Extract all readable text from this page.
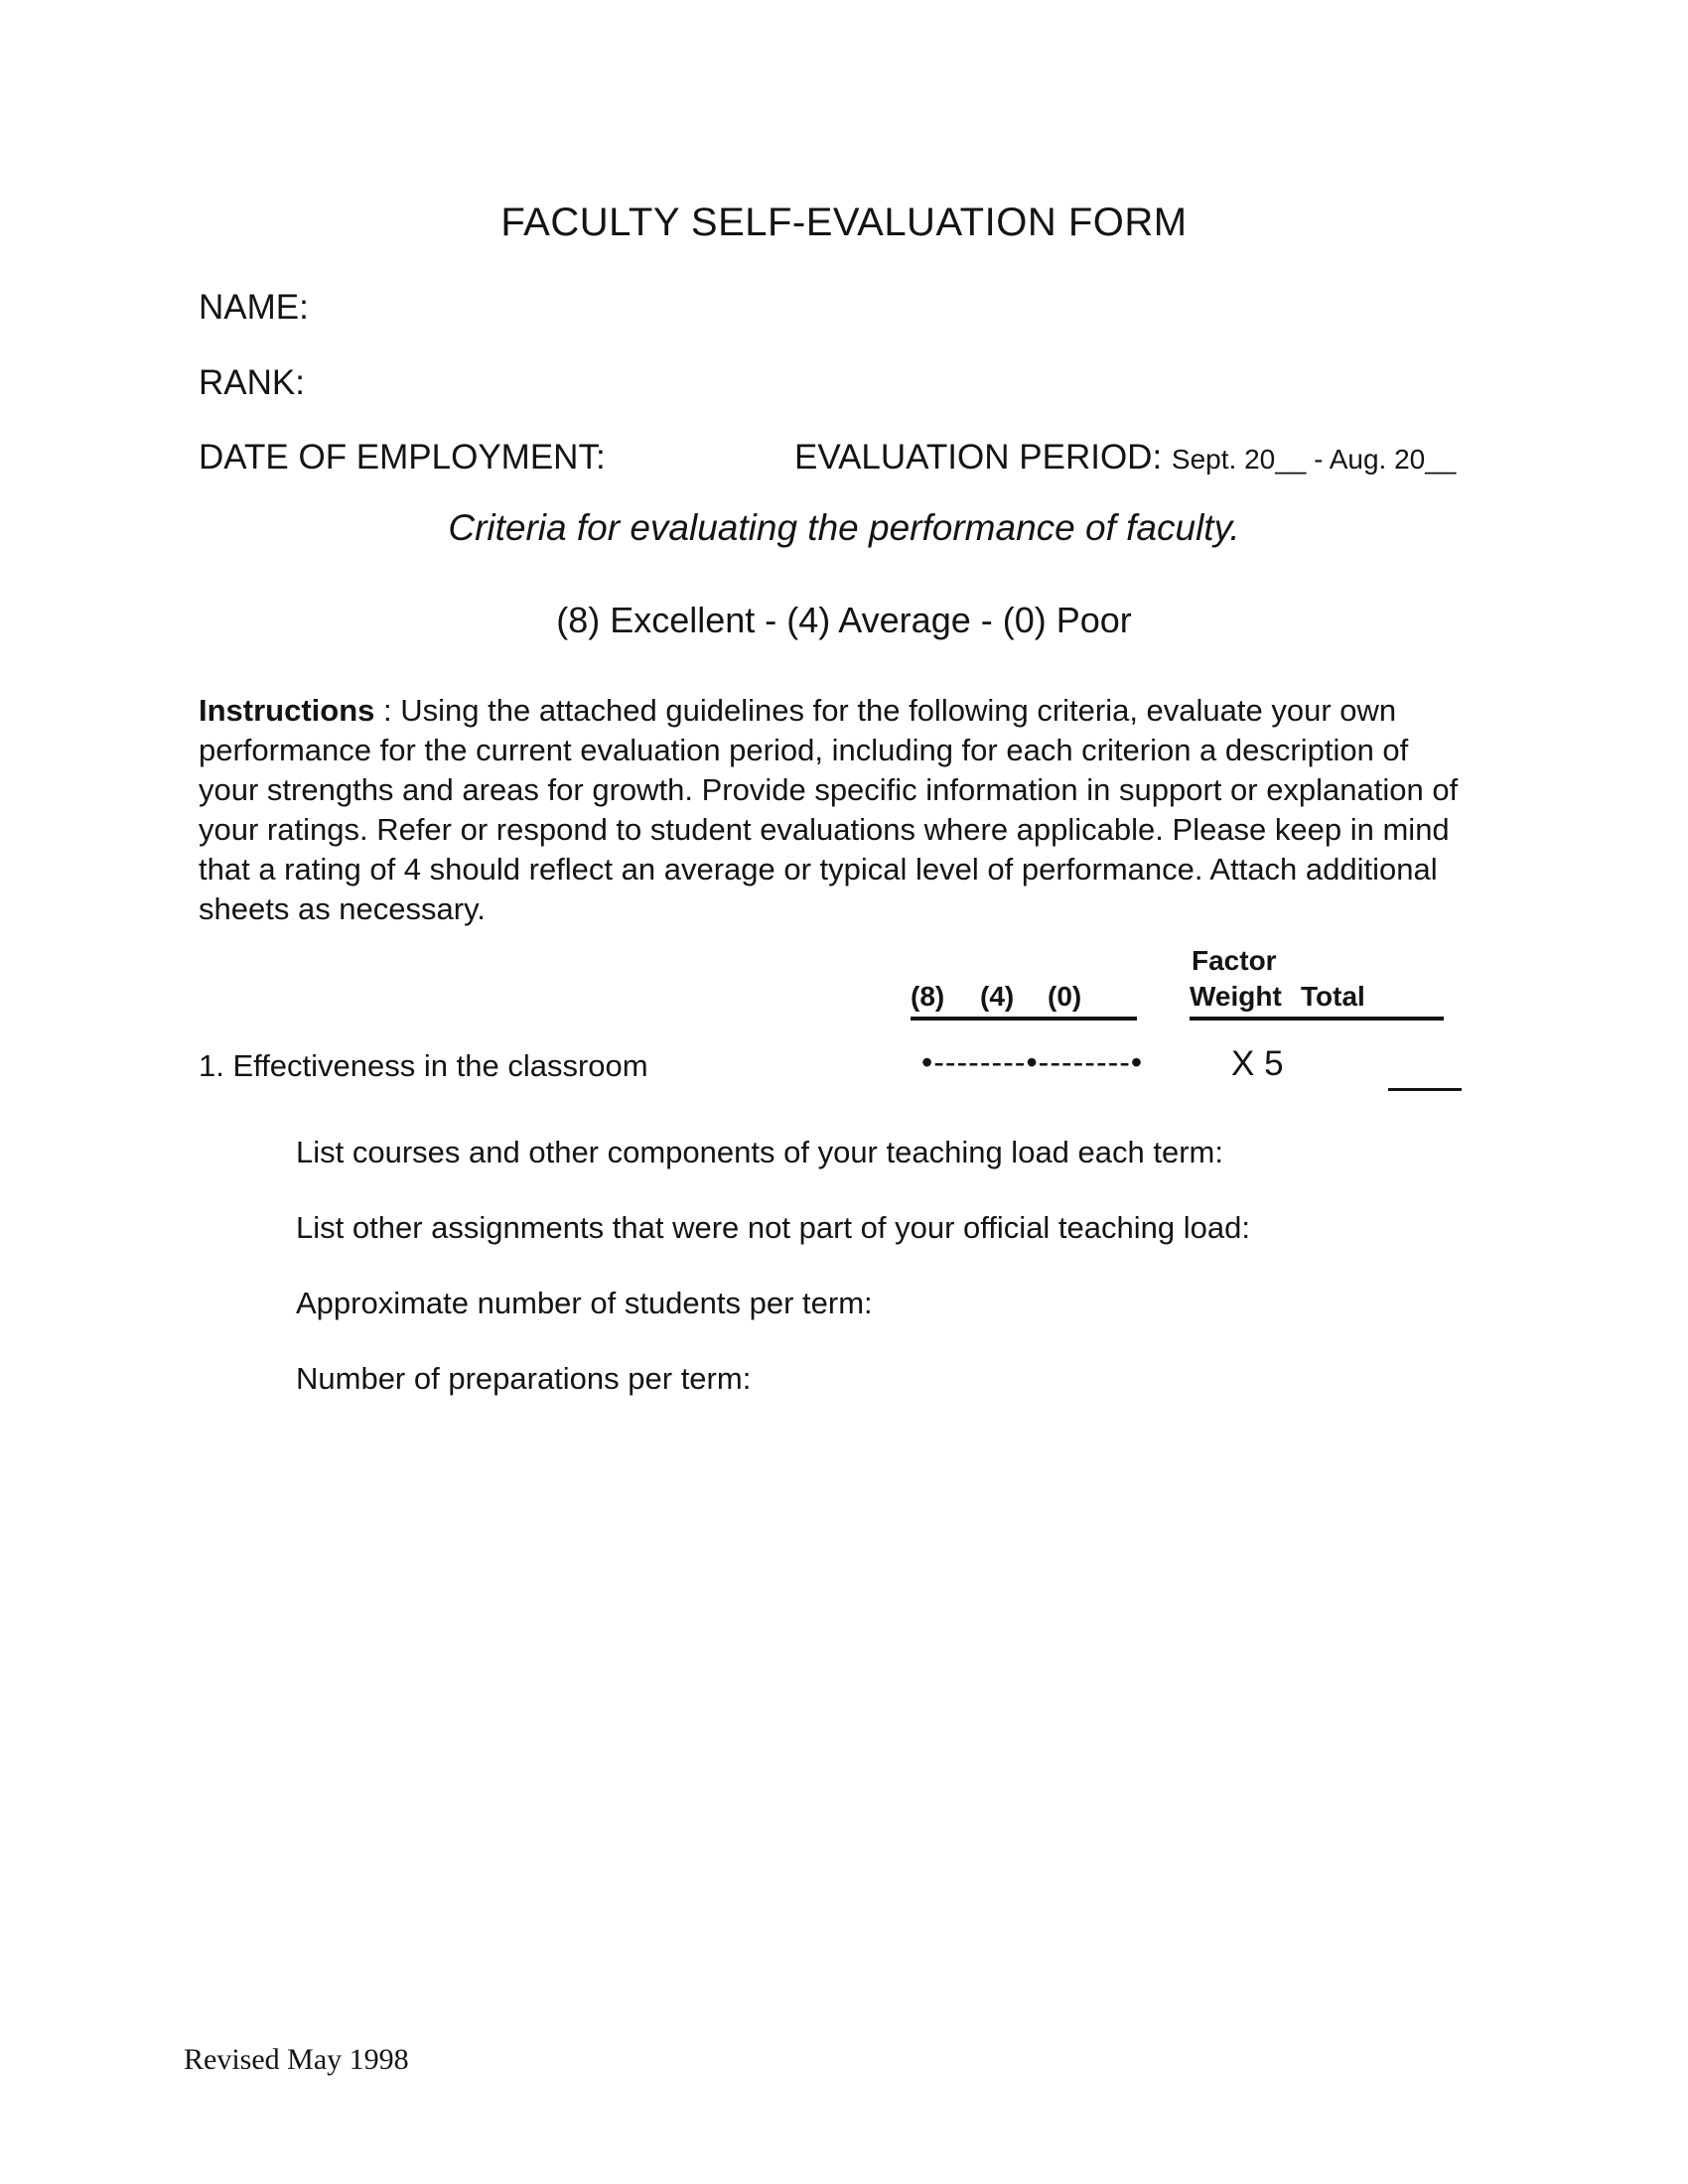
FACULTY SELF-EVALUATION FORM
NAME:
RANK:
DATE OF EMPLOYMENT:	EVALUATION PERIOD: Sept. 20__ - Aug. 20__
Criteria for evaluating the performance of faculty.
(8) Excellent - (4) Average - (0) Poor
Instructions : Using the attached guidelines for the following criteria, evaluate your own performance for the current evaluation period, including for each criterion a description of your strengths and areas for growth. Provide specific information in support or explanation of your ratings. Refer or respond to student evaluations where applicable. Please keep in mind that a rating of 4 should reflect an average or typical level of performance. Attach additional sheets as necessary.
Factor
(8) (4) (0)	Weight Total
1. Effectiveness in the classroom	•--------•--------•	X 5
List courses and other components of your teaching load each term:
List other assignments that were not part of your official teaching load:
Approximate number of students per term:
Number of preparations per term:
Revised May 1998
